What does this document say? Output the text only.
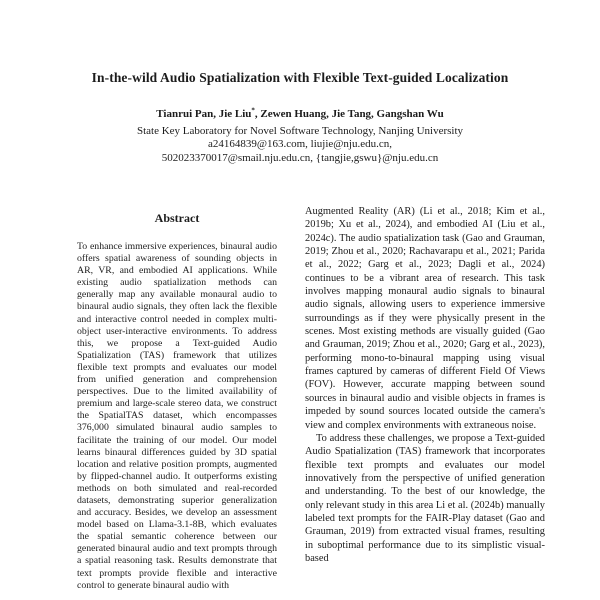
In-the-wild Audio Spatialization with Flexible Text-guided Localization
Tianrui Pan, Jie Liu*, Zewen Huang, Jie Tang, Gangshan Wu
State Key Laboratory for Novel Software Technology, Nanjing University
a24164839@163.com, liujie@nju.edu.cn,
502023370017@smail.nju.edu.cn, {tangjie,gswu}@nju.edu.cn
Abstract

To enhance immersive experiences, binaural audio offers spatial awareness of sounding objects in AR, VR, and embodied AI applications. While existing audio spatialization methods can generally map any available monaural audio to binaural audio signals, they often lack the flexible and interactive control needed in complex multi-object user-interactive environments. To address this, we propose a Text-guided Audio Spatialization (TAS) framework that utilizes flexible text prompts and evaluates our model from unified generation and comprehension perspectives. Due to the limited availability of premium and large-scale stereo data, we construct the SpatialTAS dataset, which encompasses 376,000 simulated binaural audio samples to facilitate the training of our model. Our model learns binaural differences guided by 3D spatial location and relative position prompts, augmented by flipped-channel audio. It outperforms existing methods on both simulated and real-recorded datasets, demonstrating superior generalization and accuracy. Besides, we develop an assessment model based on Llama-3.1-8B, which evaluates the spatial semantic coherence between our generated binaural audio and text prompts through a spatial reasoning task. Results demonstrate that text prompts provide flexible and interactive control to generate binaural audio with

Augmented Reality (AR) (Li et al., 2018; Kim et al., 2019b; Xu et al., 2024), and embodied AI (Liu et al., 2024c). The audio spatialization task (Gao and Grauman, 2019; Zhou et al., 2020; Rachavarapu et al., 2021; Parida et al., 2022; Garg et al., 2023; Dagli et al., 2024) continues to be a vibrant area of research. This task involves mapping monaural audio signals to binaural audio signals, allowing users to experience immersive surroundings as if they were physically present in the scenes. Most existing methods are visually guided (Gao and Grauman, 2019; Zhou et al., 2020; Garg et al., 2023), performing mono-to-binaural mapping using visual frames captured by cameras of different Field Of Views (FOV). However, accurate mapping between sound sources in binaural audio and visible objects in frames is impeded by sound sources located outside the camera's view and complex environments with extraneous noise.

To address these challenges, we propose a Text-guided Audio Spatialization (TAS) framework that incorporates flexible text prompts and evaluates our model innovatively from the perspective of unified generation and understanding. To the best of our knowledge, the only relevant study in this area Li et al. (2024b) manually labeled text prompts for the FAIR-Play dataset (Gao and Grauman, 2019) from extracted visual frames, resulting in suboptimal performance due to its simplistic visual-based
